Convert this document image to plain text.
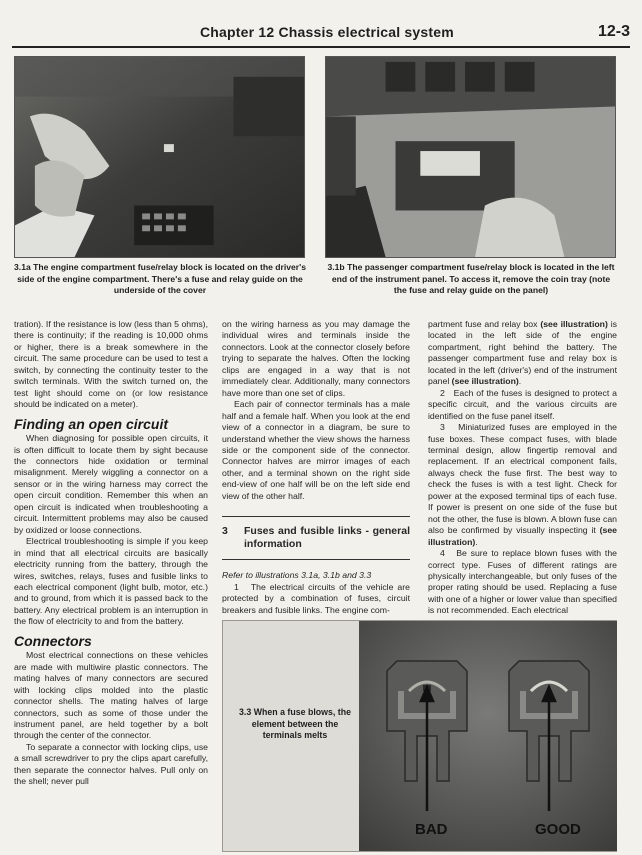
Chapter 12 Chassis electrical system	12-3
3.1a The engine compartment fuse/relay block is located on the driver's side of the engine compartment. There's a fuse and relay guide on the underside of the cover
3.1b The passenger compartment fuse/relay block is located in the left end of the instrument panel. To access it, remove the coin tray (note the fuse and relay guide on the panel)

tration). If the resistance is low (less than 5 ohms), there is continuity; if the reading is 10,000 ohms or higher, there is a break somewhere in the circuit. The same procedure can be used to test a switch, by connecting the continuity tester to the switch terminals. With the switch turned on, the test light should come on (or low resistance should be indicated on a meter).

Finding an open circuit

When diagnosing for possible open circuits, it is often difficult to locate them by sight because the connectors hide oxidation or terminal misalignment. Merely wiggling a connector on a sensor or in the wiring harness may correct the open circuit condition. Remember this when an open circuit is indicated when troubleshooting a circuit. Intermittent problems may also be caused by oxidized or loose connections.

Electrical troubleshooting is simple if you keep in mind that all electrical circuits are basically electricity running from the battery, through the wires, switches, relays, fuses and fusible links to each electrical component (light bulb, motor, etc.) and to ground, from which it is passed back to the battery. Any electrical problem is an interruption in the flow of electricity to and from the battery.

Connectors

Most electrical connections on these vehicles are made with multiwire plastic connectors. The mating halves of many connectors are secured with locking clips molded into the plastic connector shells. The mating halves of large connectors, such as some of those under the instrument panel, are held together by a bolt through the center of the connector.

To separate a connector with locking clips, use a small screwdriver to pry the clips apart carefully, then separate the connector halves. Pull only on the shell; never pull

on the wiring harness as you may damage the individual wires and terminals inside the connectors. Look at the connector closely before trying to separate the halves. Often the locking clips are engaged in a way that is not immediately clear. Additionally, many connectors have more than one set of clips.

Each pair of connector terminals has a male half and a female half. When you look at the end view of a connector in a diagram, be sure to understand whether the view shows the harness side or the component side of the connector. Connector halves are mirror images of each other, and a terminal shown on the right side end-view of one half will be on the left side end view of the other half.

3	Fuses and fusible links - general information

Refer to illustrations 3.1a, 3.1b and 3.3

1 The electrical circuits of the vehicle are protected by a combination of fuses, circuit breakers and fusible links. The engine com-

partment fuse and relay box (see illustration) is located in the left side of the engine compartment, right behind the battery. The passenger compartment fuse and relay box is located in the left (driver's) end of the instrument panel (see illustration).

2 Each of the fuses is designed to protect a specific circuit, and the various circuits are identified on the fuse panel itself.

3 Miniaturized fuses are employed in the fuse boxes. These compact fuses, with blade terminal design, allow fingertip removal and replacement. If an electrical component fails, always check the fuse first. The best way to check the fuses is with a test light. Check for power at the exposed terminal tips of each fuse. If power is present on one side of the fuse but not the other, the fuse is blown. A blown fuse can also be confirmed by visually inspecting it (see illustration).

4 Be sure to replace blown fuses with the correct type. Fuses of different ratings are physically interchangeable, but only fuses of the proper rating should be used. Replacing a fuse with one of a higher or lower value than specified is not recommended. Each electrical

3.3 When a fuse blows, the element between the terminals melts
BAD	GOOD
